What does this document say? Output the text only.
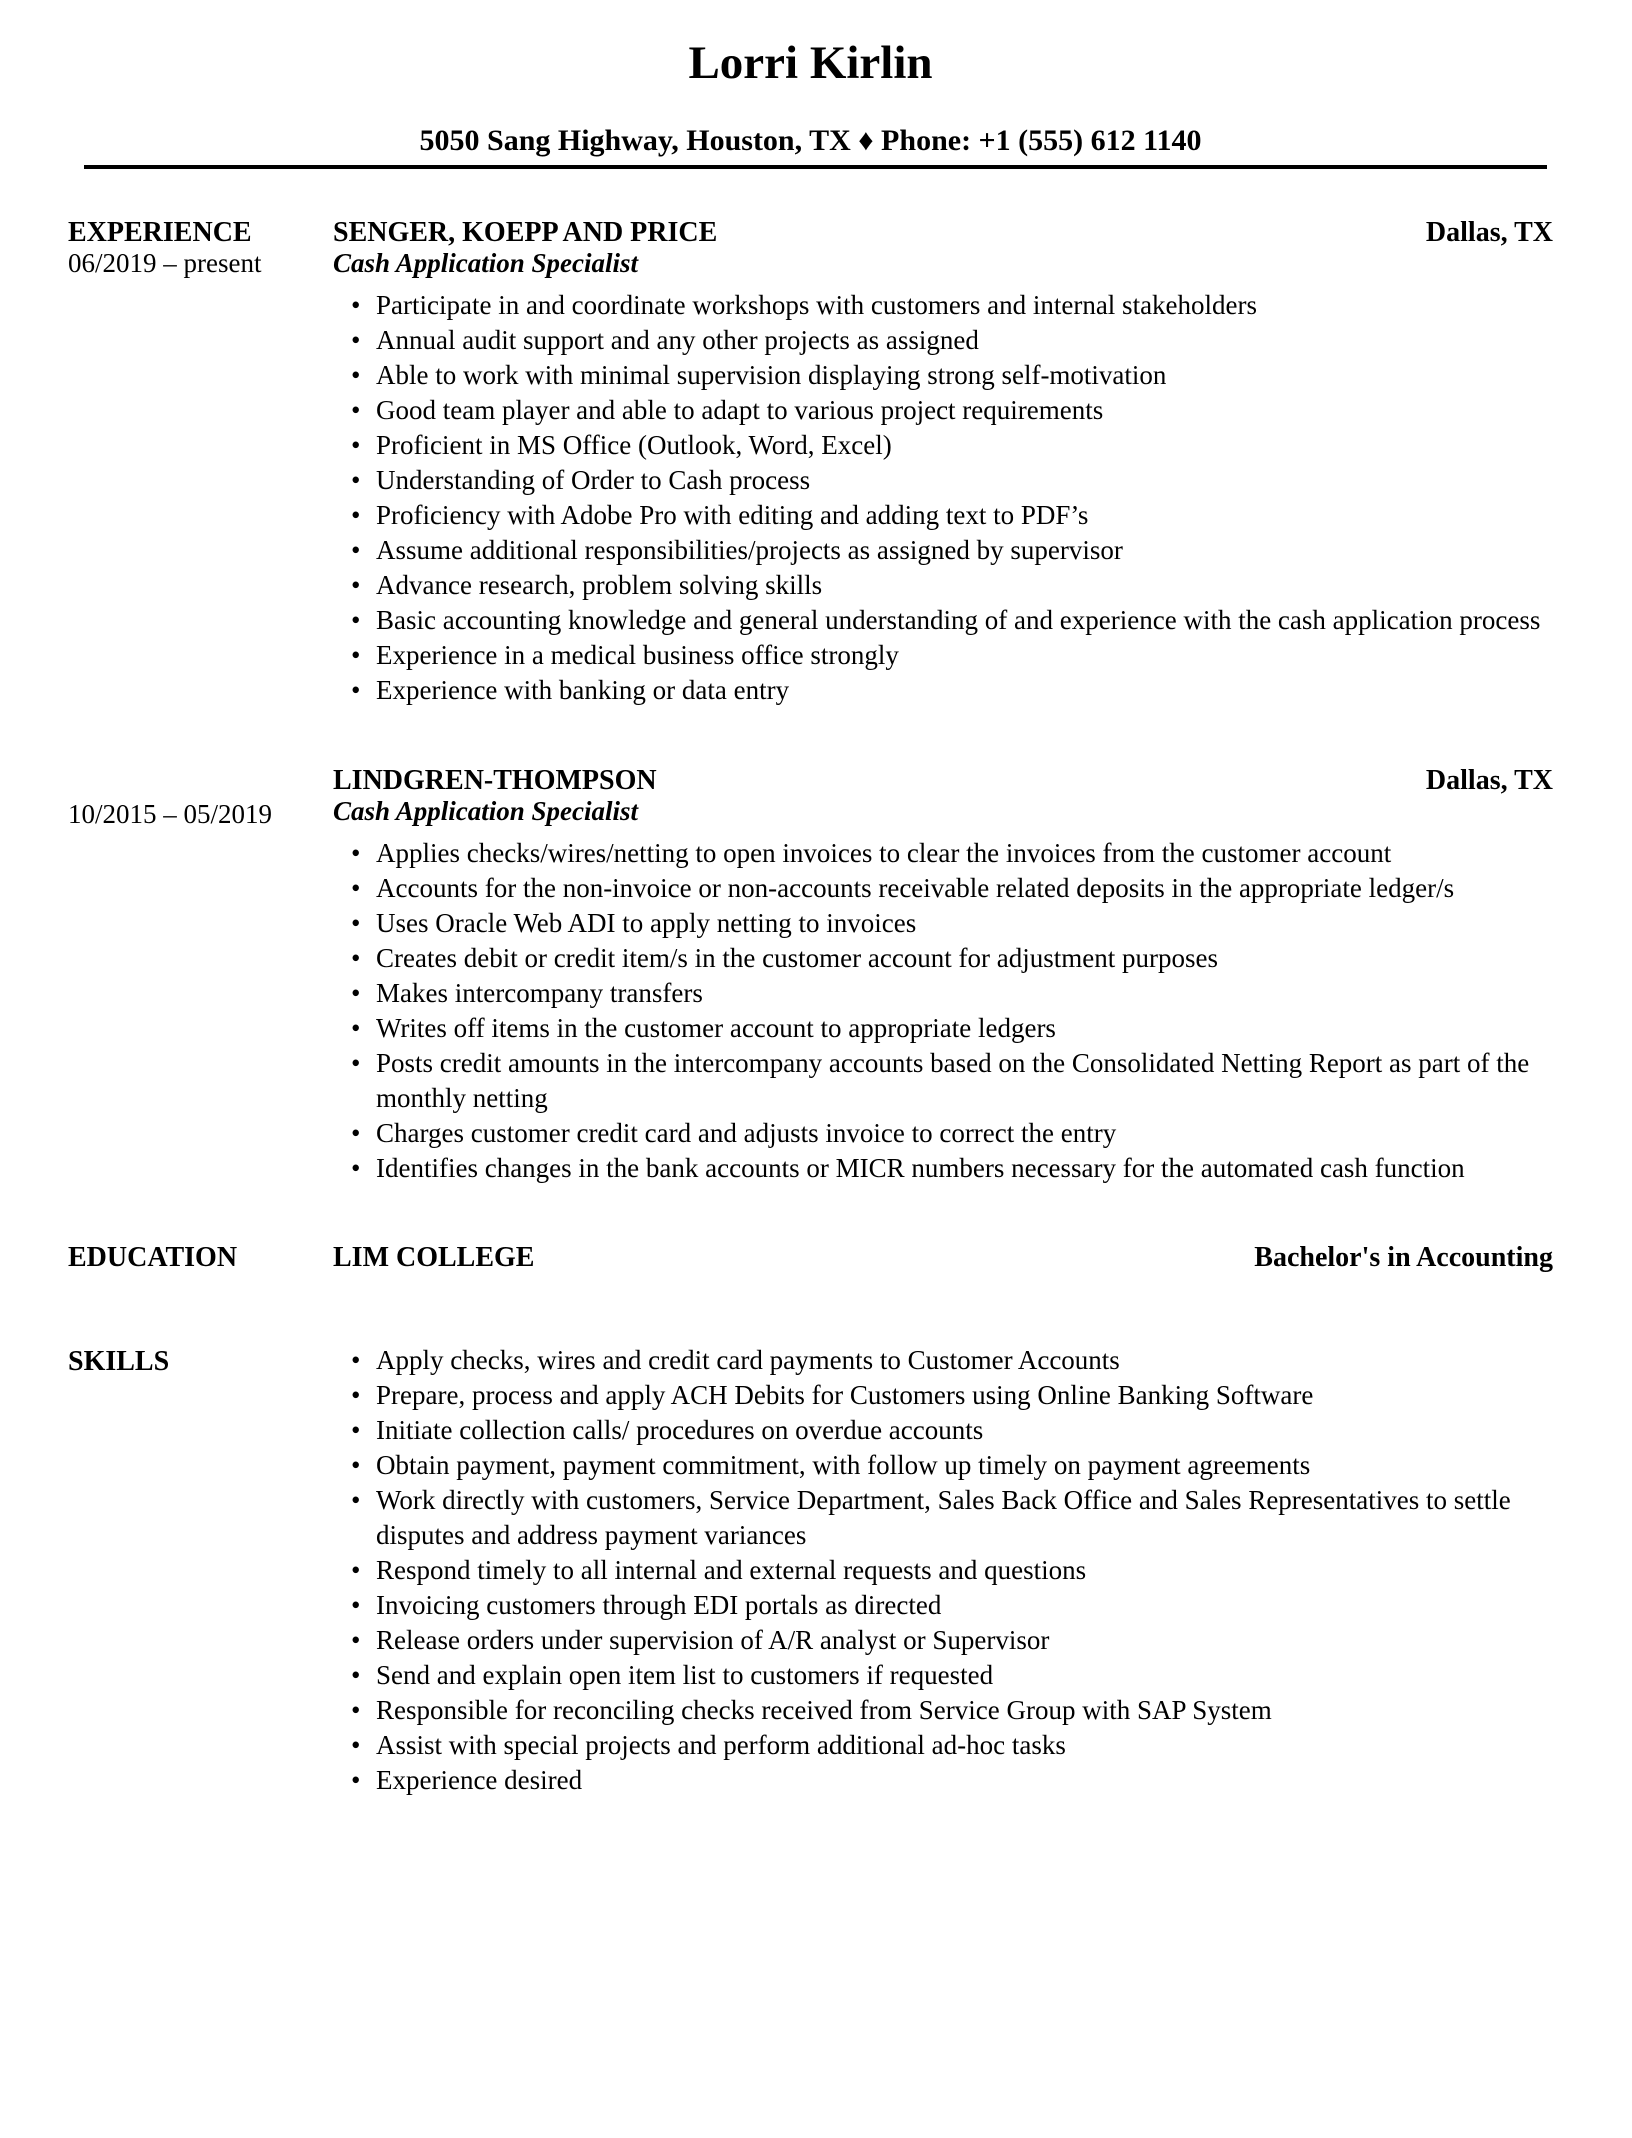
Lorri Kirlin
5050 Sang Highway, Houston, TX ♦ Phone: +1 (555) 612 1140
EXPERIENCE
06/2019 – present
SENGER, KOEPP AND PRICE	Dallas, TX
Cash Application Specialist
• Participate in and coordinate workshops with customers and internal stakeholders
• Annual audit support and any other projects as assigned
• Able to work with minimal supervision displaying strong self-motivation
• Good team player and able to adapt to various project requirements
• Proficient in MS Office (Outlook, Word, Excel)
• Understanding of Order to Cash process
• Proficiency with Adobe Pro with editing and adding text to PDF’s
• Assume additional responsibilities/projects as assigned by supervisor
• Advance research, problem solving skills
• Basic accounting knowledge and general understanding of and experience with the cash application process
• Experience in a medical business office strongly
• Experience with banking or data entry
10/2015 – 05/2019
LINDGREN-THOMPSON	Dallas, TX
Cash Application Specialist
• Applies checks/wires/netting to open invoices to clear the invoices from the customer account
• Accounts for the non-invoice or non-accounts receivable related deposits in the appropriate ledger/s
• Uses Oracle Web ADI to apply netting to invoices
• Creates debit or credit item/s in the customer account for adjustment purposes
• Makes intercompany transfers
• Writes off items in the customer account to appropriate ledgers
• Posts credit amounts in the intercompany accounts based on the Consolidated Netting Report as part of the monthly netting
• Charges customer credit card and adjusts invoice to correct the entry
• Identifies changes in the bank accounts or MICR numbers necessary for the automated cash function
EDUCATION	LIM COLLEGE	Bachelor's in Accounting
SKILLS	• Apply checks, wires and credit card payments to Customer Accounts
• Prepare, process and apply ACH Debits for Customers using Online Banking Software
• Initiate collection calls/ procedures on overdue accounts
• Obtain payment, payment commitment, with follow up timely on payment agreements
• Work directly with customers, Service Department, Sales Back Office and Sales Representatives to settle disputes and address payment variances
• Respond timely to all internal and external requests and questions
• Invoicing customers through EDI portals as directed
• Release orders under supervision of A/R analyst or Supervisor
• Send and explain open item list to customers if requested
• Responsible for reconciling checks received from Service Group with SAP System
• Assist with special projects and perform additional ad-hoc tasks
• Experience desired
